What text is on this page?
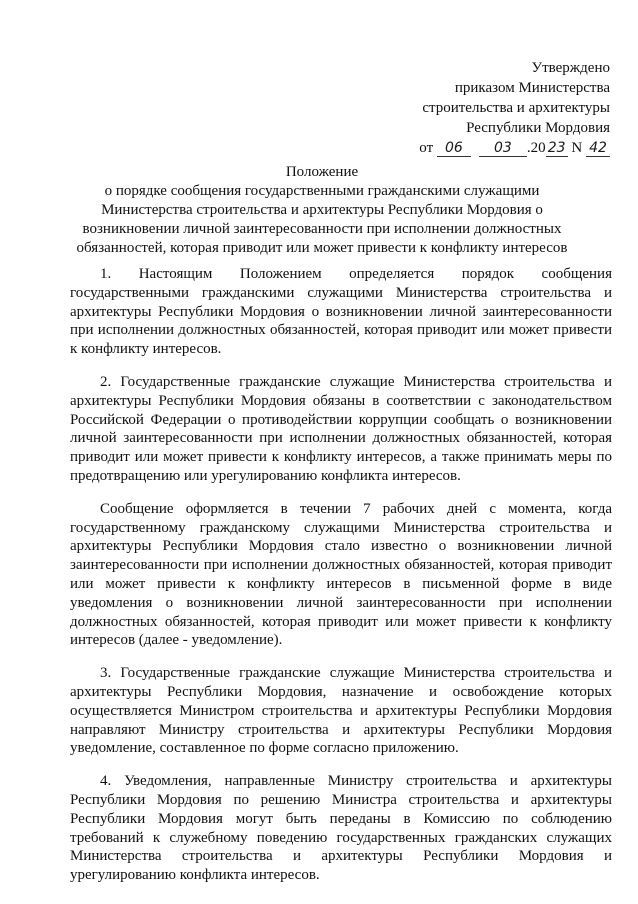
Утверждено
приказом Министерства
строительства и архитектуры
Республики Мордовия
от 06 03 .20 23 N 42
Положение
о порядке сообщения государственными гражданскими служащими
Министерства строительства и архитектуры Республики Мордовия о
возникновении личной заинтересованности при исполнении должностных
обязанностей, которая приводит или может привести к конфликту интересов

1. Настоящим Положением определяется порядок сообщения государственными гражданскими служащими Министерства строительства и архитектуры Республики Мордовия о возникновении личной заинтересованности при исполнении должностных обязанностей, которая приводит или может привести к конфликту интересов.

2. Государственные гражданские служащие Министерства строительства и архитектуры Республики Мордовия обязаны в соответствии с законодательством Российской Федерации о противодействии коррупции сообщать о возникновении личной заинтересованности при исполнении должностных обязанностей, которая приводит или может привести к конфликту интересов, а также принимать меры по предотвращению или урегулированию конфликта интересов.

Сообщение оформляется в течении 7 рабочих дней с момента, когда государственному гражданскому служащими Министерства строительства и архитектуры Республики Мордовия стало известно о возникновении личной заинтересованности при исполнении должностных обязанностей, которая приводит или может привести к конфликту интересов в письменной форме в виде уведомления о возникновении личной заинтересованности при исполнении должностных обязанностей, которая приводит или может привести к конфликту интересов (далее - уведомление).

3. Государственные гражданские служащие Министерства строительства и архитектуры Республики Мордовия, назначение и освобождение которых осуществляется Министром строительства и архитектуры Республики Мордовия направляют Министру строительства и архитектуры Республики Мордовия уведомление, составленное по форме согласно приложению.

4. Уведомления, направленные Министру строительства и архитектуры Республики Мордовия по решению Министра строительства и архитектуры Республики Мордовия могут быть переданы в Комиссию по соблюдению требований к служебному поведению государственных гражданских служащих Министерства строительства и архитектуры Республики Мордовия и урегулированию конфликта интересов.
